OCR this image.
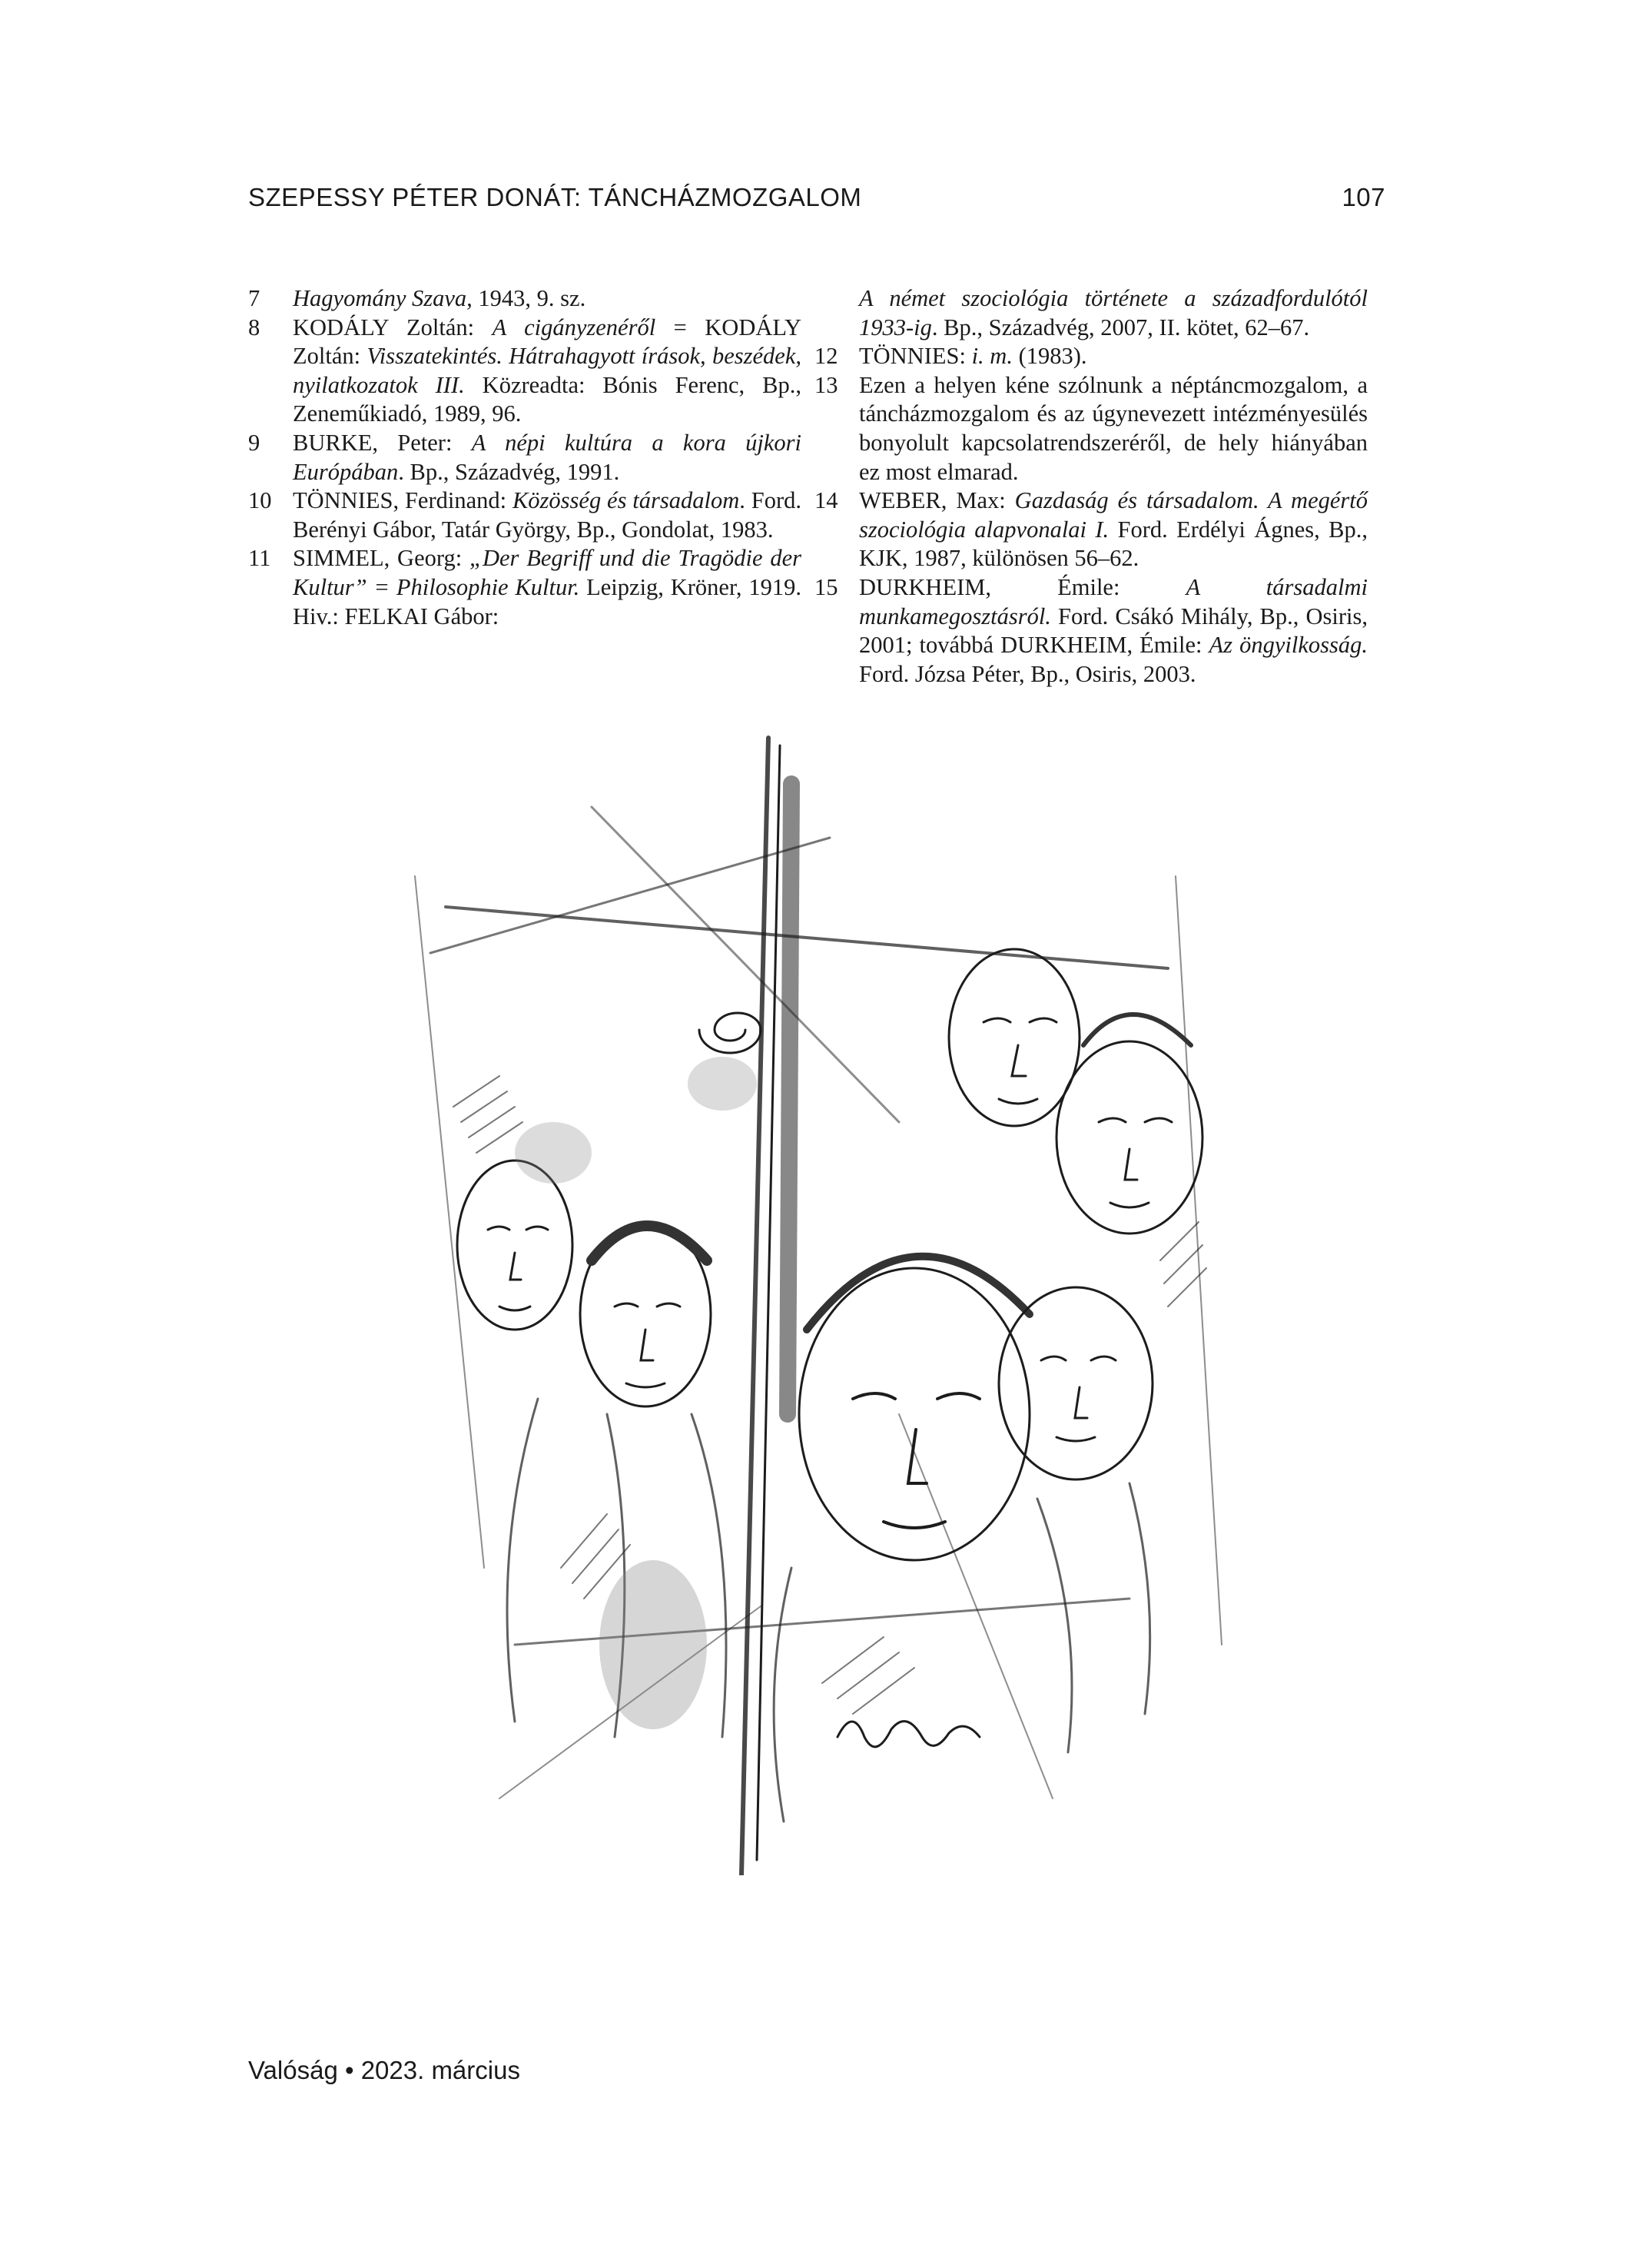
SZEPESSY PÉTER DONÁT: TÁNCHÁZMOZGALOM	107
7	Hagyomány Szava, 1943, 9. sz.
8	KODÁLY Zoltán: A cigányzenéről = KODÁLY Zoltán: Visszatekintés. Hátrahagyott írások, beszédek, nyilatkozatok III. Közreadta: Bónis Ferenc, Bp., Zeneműkiadó, 1989, 96.
9	BURKE, Peter: A népi kultúra a kora újkori Európában. Bp., Századvég, 1991.
10 TÖNNIES, Ferdinand: Közösség és társadalom. Ford. Berényi Gábor, Tatár György, Bp., Gondolat, 1983.
11 SIMMEL, Georg: „Der Begriff und die Tragödie der Kultur” = Philosophie Kultur. Leipzig, Kröner, 1919. Hiv.: FELKAI Gábor:
A német szociológia története a századfordulótól 1933-ig. Bp., Századvég, 2007, II. kötet, 62–67.
12 TÖNNIES: i. m. (1983).
13 Ezen a helyen kéne szólnunk a néptáncmozgalom, a táncházmozgalom és az úgynevezett intézményesülés bonyolult kapcsolatrendszeréről, de hely hiányában ez most elmarad.
14 WEBER, Max: Gazdaság és társadalom. A megértő szociológia alapvonalai I. Ford. Erdélyi Ágnes, Bp., KJK, 1987, különösen 56–62.
15 DURKHEIM, Émile: A társadalmi munkamegosztásról. Ford. Csákó Mihály, Bp., Osiris, 2001; továbbá DURKHEIM, Émile: Az öngyilkosság. Ford. Józsa Péter, Bp., Osiris, 2003.
Valóság • 2023. március
